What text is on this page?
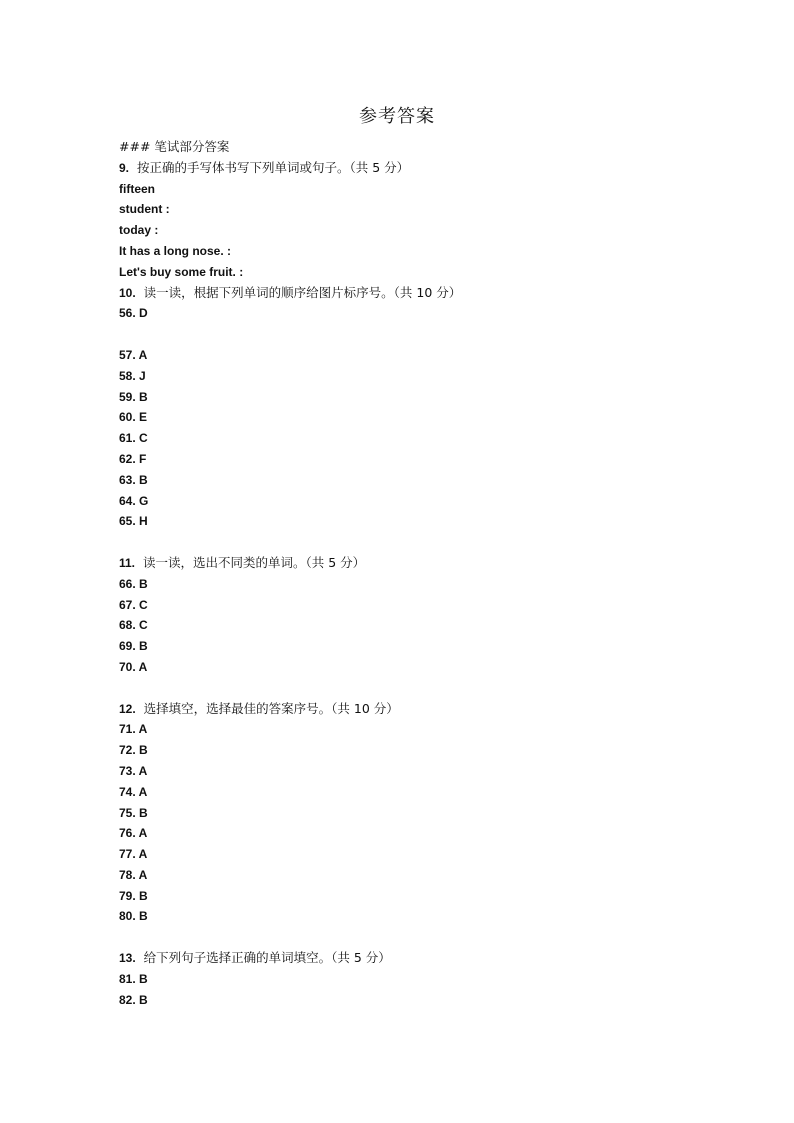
参考答案
### 笔试部分答案
9. 按正确的手写体书写下列单词或句子。（共 5 分）
fifteen
student :
today :
It has a long nose. :
Let's buy some fruit. :
10. 读一读，根据下列单词的顺序给图片标序号。（共 10 分）
56. D
57. A
58. J
59. B
60. E
61. C
62. F
63. B
64. G
65. H
11. 读一读，选出不同类的单词。（共 5 分）
66. B
67. C
68. C
69. B
70. A
12. 选择填空，选择最佳的答案序号。（共 10 分）
71. A
72. B
73. A
74. A
75. B
76. A
77. A
78. A
79. B
80. B
13. 给下列句子选择正确的单词填空。（共 5 分）
81. B
82. B
